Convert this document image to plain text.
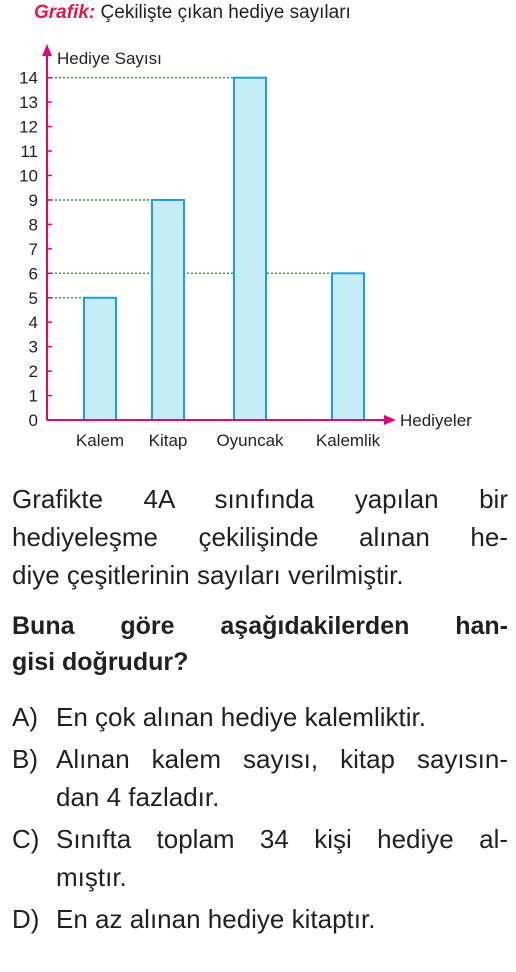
Grafik: Çekilişte çıkan hediye sayıları
0
1
2
3
4
5
6
7
8
9
10
11
12
13
14
Kalem Kitap Oyuncak Kalemlik
Hediye Sayısı
Hediyeler

Grafikte 4A sınıfında yapılan bir
hediyeleşme çekilişinde alınan he-
diye çeşitlerinin sayıları verilmiştir.

Buna göre aşağıdakilerden han-
gisi doğrudur?

A) En çok alınan hediye kalemliktir.
B) Alınan kalem sayısı, kitap sayısın-
dan 4 fazladır.
C) Sınıfta toplam 34 kişi hediye al-
mıştır.
D) En az alınan hediye kitaptır.
